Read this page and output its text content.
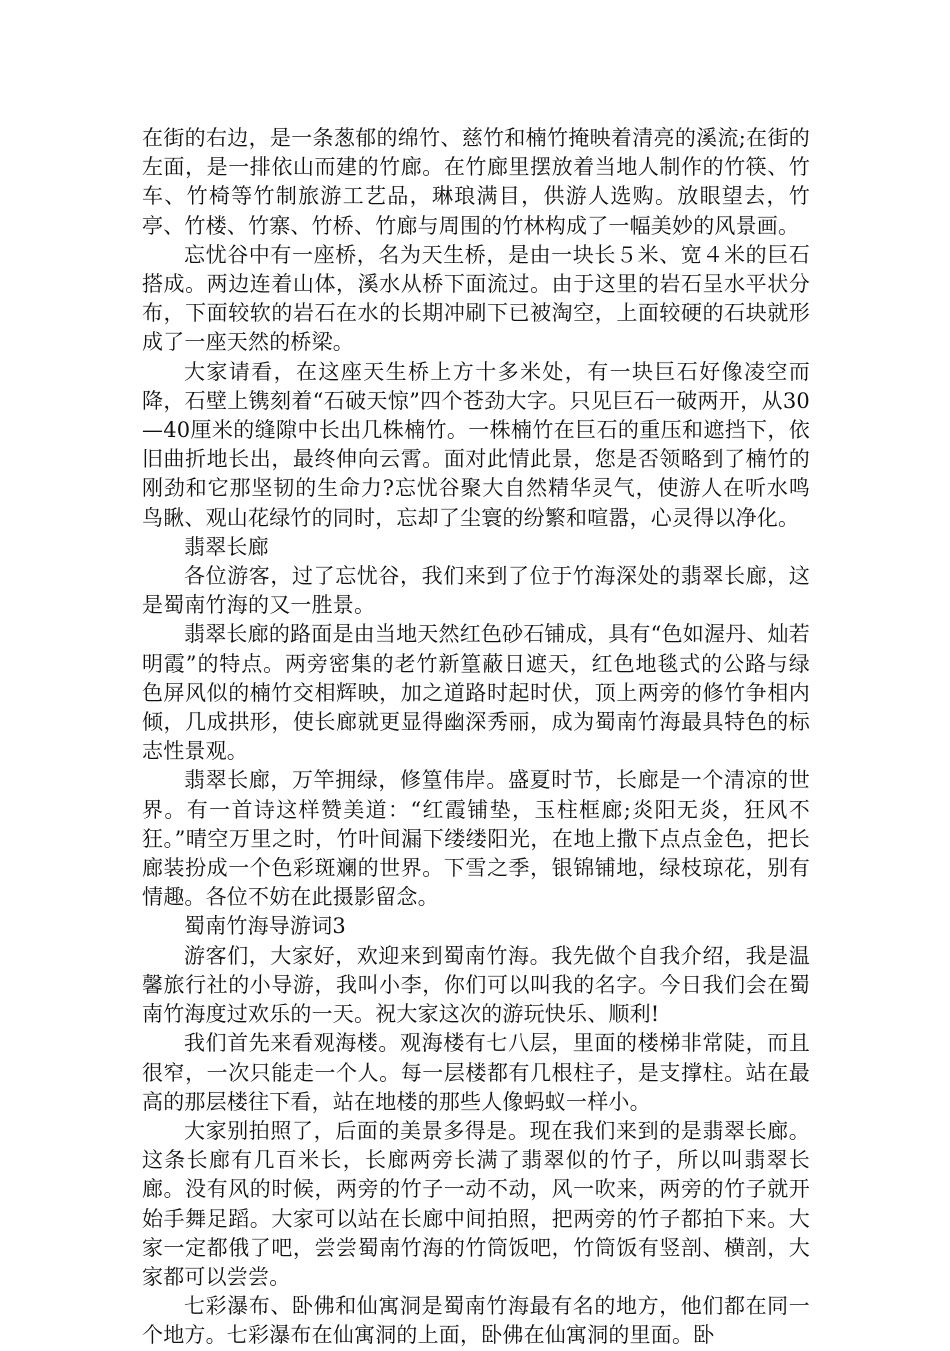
在街的右边，是一条葱郁的绵竹、慈竹和楠竹掩映着清亮的溪流;在街的左面，是一排依山而建的竹廊。在竹廊里摆放着当地人制作的竹筷、竹车、竹椅等竹制旅游工艺品，琳琅满目，供游人选购。放眼望去，竹亭、竹楼、竹寨、竹桥、竹廊与周围的竹林构成了一幅美妙的风景画。

忘忧谷中有一座桥，名为天生桥，是由一块长５米、宽４米的巨石搭成。两边连着山体，溪水从桥下面流过。由于这里的岩石呈水平状分布，下面较软的岩石在水的长期冲刷下已被淘空，上面较硬的石块就形成了一座天然的桥梁。

大家请看，在这座天生桥上方十多米处，有一块巨石好像凌空而降，石壁上镌刻着“石破天惊”四个苍劲大字。只见巨石一破两开，从30—40厘米的缝隙中长出几株楠竹。一株楠竹在巨石的重压和遮挡下，依旧曲折地长出，最终伸向云霄。面对此情此景，您是否领略到了楠竹的刚劲和它那坚韧的生命力?忘忧谷聚大自然精华灵气，使游人在听水鸣鸟瞅、观山花绿竹的同时，忘却了尘寰的纷繁和喧嚣，心灵得以净化。

翡翠长廊

各位游客，过了忘忧谷，我们来到了位于竹海深处的翡翠长廊，这是蜀南竹海的又一胜景。

翡翠长廊的路面是由当地天然红色砂石铺成，具有“色如渥丹、灿若明霞”的特点。两旁密集的老竹新篁蔽日遮天，红色地毯式的公路与绿色屏风似的楠竹交相辉映，加之道路时起时伏，顶上两旁的修竹争相内倾，几成拱形，使长廊就更显得幽深秀丽，成为蜀南竹海最具特色的标志性景观。

翡翠长廊，万竿拥绿，修篁伟岸。盛夏时节，长廊是一个清凉的世界。有一首诗这样赞美道：“红霞铺垫，玉柱框廊;炎阳无炎，狂风不狂。”晴空万里之时，竹叶间漏下缕缕阳光，在地上撒下点点金色，把长廊装扮成一个色彩斑斓的世界。下雪之季，银锦铺地，绿枝琼花，别有情趣。各位不妨在此摄影留念。

蜀南竹海导游词3

游客们，大家好，欢迎来到蜀南竹海。我先做个自我介绍，我是温馨旅行社的小导游，我叫小李，你们可以叫我的名字。今日我们会在蜀南竹海度过欢乐的一天。祝大家这次的游玩快乐、顺利!

我们首先来看观海楼。观海楼有七八层，里面的楼梯非常陡，而且很窄，一次只能走一个人。每一层楼都有几根柱子，是支撑柱。站在最高的那层楼往下看，站在地楼的那些人像蚂蚁一样小。

大家别拍照了，后面的美景多得是。现在我们来到的是翡翠长廊。这条长廊有几百米长，长廊两旁长满了翡翠似的竹子，所以叫翡翠长廊。没有风的时候，两旁的竹子一动不动，风一吹来，两旁的竹子就开始手舞足蹈。大家可以站在长廊中间拍照，把两旁的竹子都拍下来。大家一定都俄了吧，尝尝蜀南竹海的竹筒饭吧，竹筒饭有竖剖、横剖，大家都可以尝尝。

七彩瀑布、卧佛和仙寓洞是蜀南竹海最有名的地方，他们都在同一个地方。七彩瀑布在仙寓洞的上面，卧佛在仙寓洞的里面。卧
